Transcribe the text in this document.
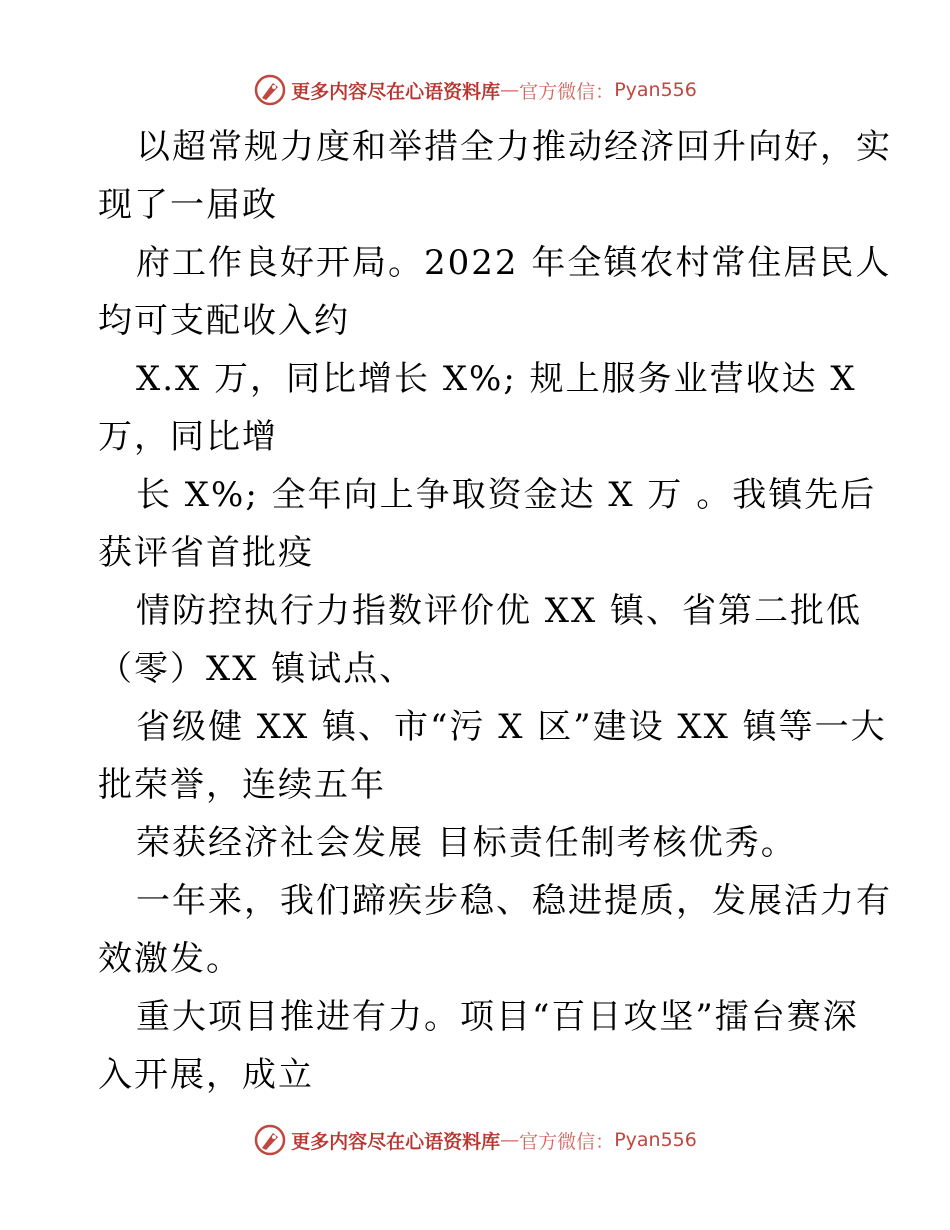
更多内容尽在心语资料库 — 官方微信： Pyan556
以超常规力度和举措全力推动经济回升向好，实
现了一届政
府工作良好开局。2022 年全镇农村常住居民人
均可支配收入约
X.X 万，同比增长 X%; 规上服务业营收达 X
万，同比增
长 X%; 全年向上争取资金达 X 万 。我镇先后
获评省首批疫
情防控执行力指数评价优 XX 镇、省第二批低
（零）XX 镇试点、
省级健 XX 镇、市“污 X 区”建设 XX 镇等一大
批荣誉，连续五年
荣获经济社会发展 目标责任制考核优秀。
一年来，我们蹄疾步稳、稳进提质，发展活力有
效激发。
重大项目推进有力。项目“百日攻坚”擂台赛深
入开展，成立
更多内容尽在心语资料库 — 官方微信： Pyan556
